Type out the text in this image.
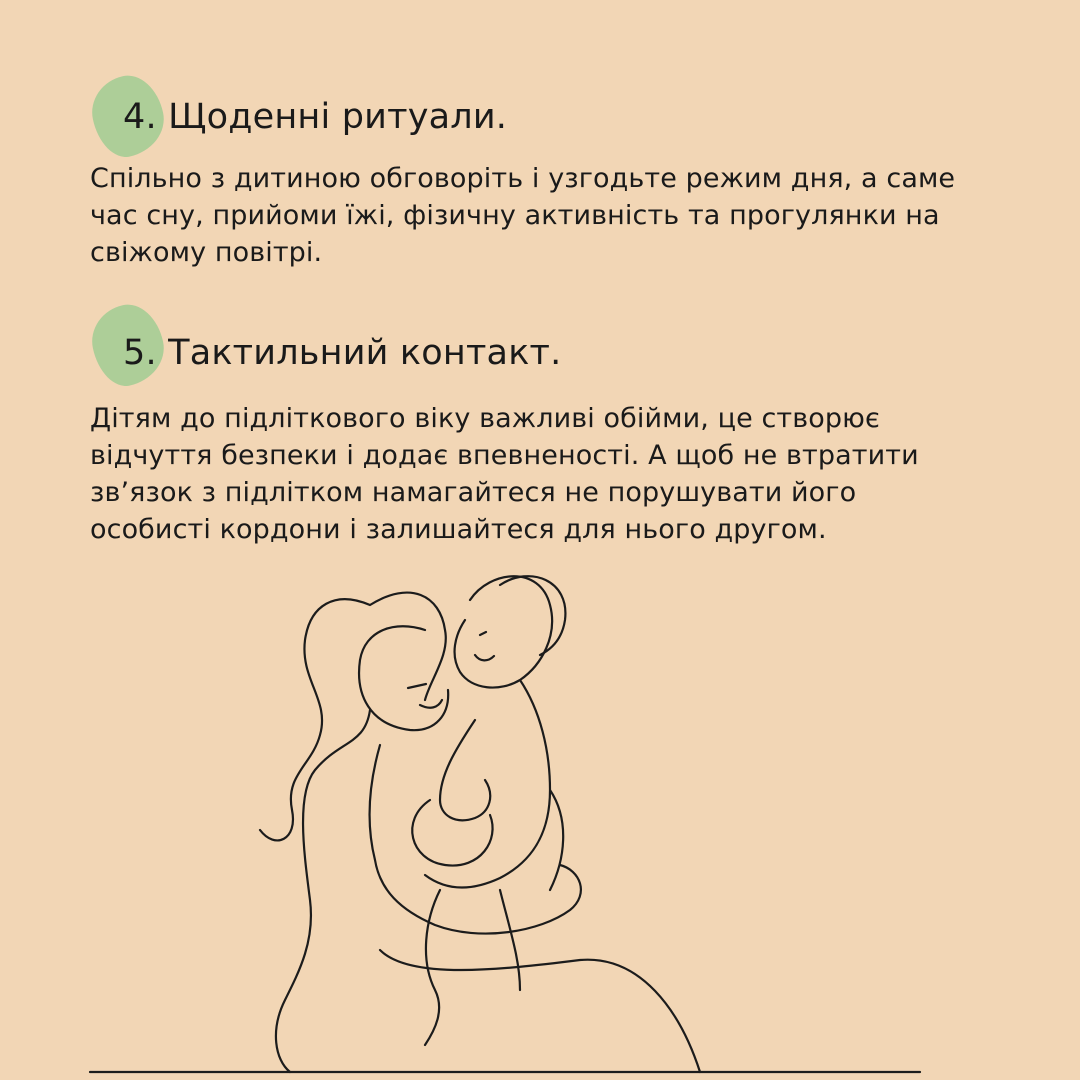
4. Щоденні ритуали.

Спільно з дитиною обговоріть і узгодьте режим дня, а саме
час сну, прийоми їжі, фізичну активність та прогулянки на
свіжому повітрі.

5. Тактильний контакт.

Дітям до підліткового віку важливі обійми, це створює
відчуття безпеки і додає впевненості. А щоб не втратити
зв’язок з підлітком намагайтеся не порушувати його
особисті кордони і залишайтеся для нього другом.
